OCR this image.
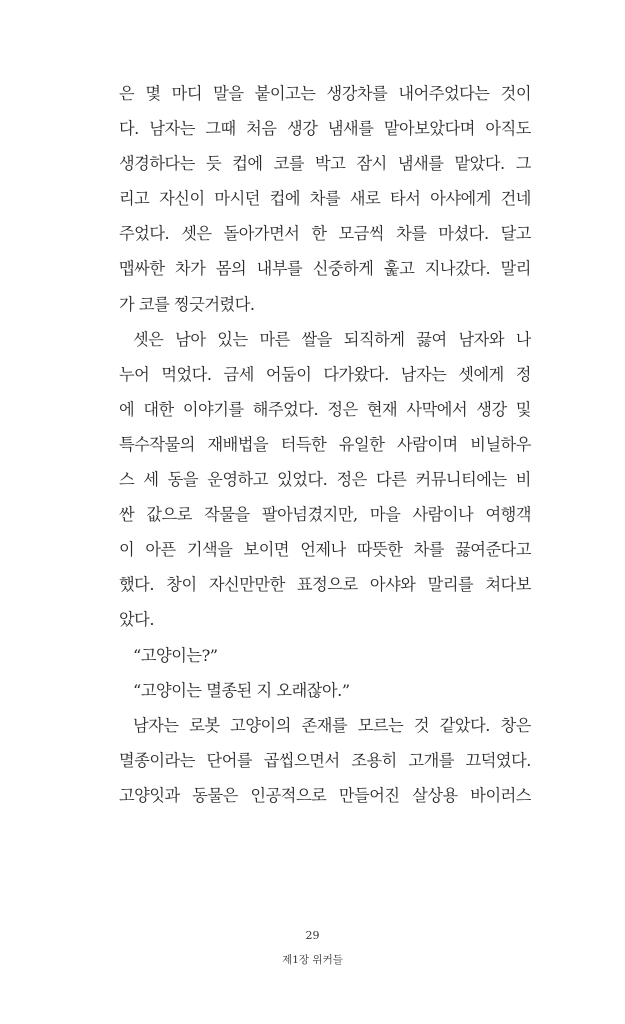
은 몇 마디 말을 붙이고는 생강차를 내어주었다는 것이
다. 남자는 그때 처음 생강 냄새를 맡아보았다며 아직도
생경하다는 듯 컵에 코를 박고 잠시 냄새를 맡았다. 그
리고 자신이 마시던 컵에 차를 새로 타서 아샤에게 건네
주었다. 셋은 돌아가면서 한 모금씩 차를 마셨다. 달고
맵싸한 차가 몸의 내부를 신중하게 훑고 지나갔다. 말리
가 코를 찡긋거렸다.
셋은 남아 있는 마른 쌀을 되직하게 끓여 남자와 나
누어 먹었다. 금세 어둠이 다가왔다. 남자는 셋에게 정
에 대한 이야기를 해주었다. 정은 현재 사막에서 생강 및
특수작물의 재배법을 터득한 유일한 사람이며 비닐하우
스 세 동을 운영하고 있었다. 정은 다른 커뮤니티에는 비
싼 값으로 작물을 팔아넘겼지만, 마을 사람이나 여행객
이 아픈 기색을 보이면 언제나 따뜻한 차를 끓여준다고
했다. 창이 자신만만한 표정으로 아샤와 말리를 쳐다보
았다.
“고양이는?”
“고양이는 멸종된 지 오래잖아.”
남자는 로봇 고양이의 존재를 모르는 것 같았다. 창은
멸종이라는 단어를 곱씹으면서 조용히 고개를 끄덕였다.
고양잇과 동물은 인공적으로 만들어진 살상용 바이러스
29
제1장 위커들
